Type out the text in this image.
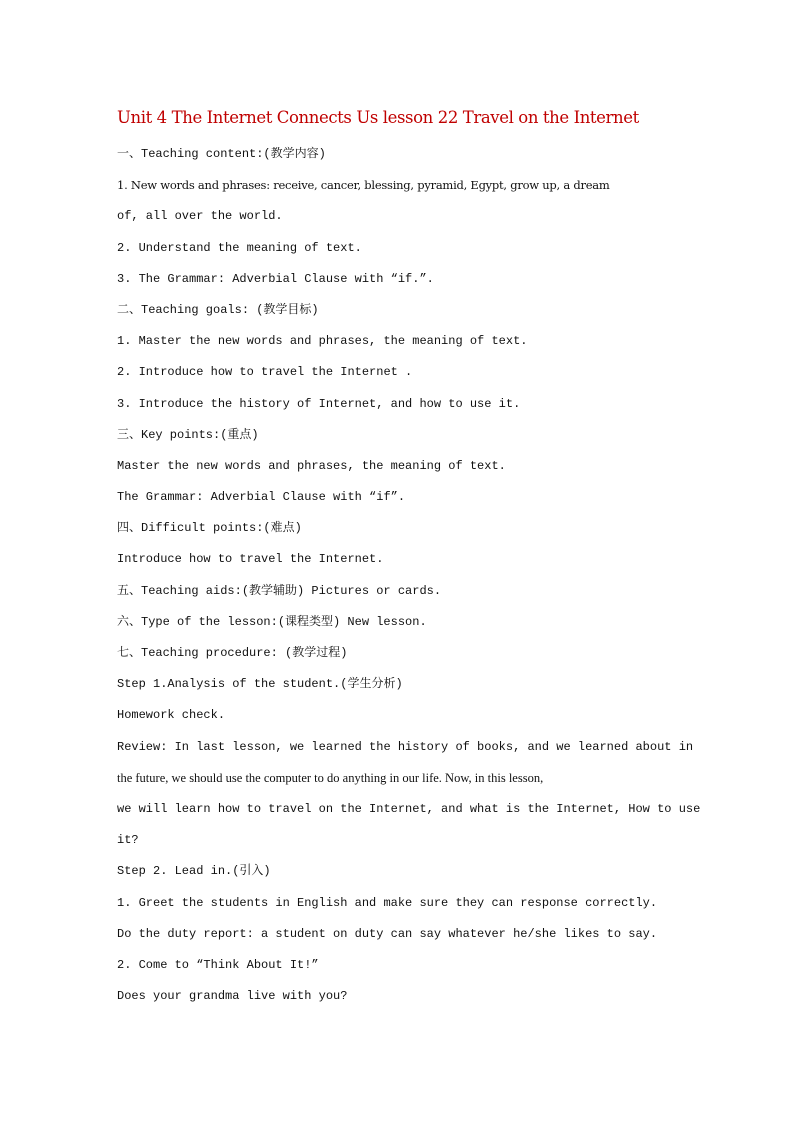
Unit 4 The Internet Connects Us lesson 22 Travel on the Internet
一、Teaching content:(教学内容)
1. New words and phrases: receive, cancer, blessing, pyramid, Egypt, grow up, a dream
of, all over the world.
2. Understand the meaning of text.
3. The Grammar: Adverbial Clause with “if.”.
二、Teaching goals: (教学目标)
1. Master the new words and phrases, the meaning of text.
2. Introduce how to travel the Internet .
3. Introduce the history of Internet, and how to use it.
三、Key points:(重点)
Master the new words and phrases, the meaning of text.
The Grammar: Adverbial Clause with “if”.
四、Difficult points:(难点)
Introduce how to travel the Internet.
五、Teaching aids:(教学辅助) Pictures or cards.
六、Type of the lesson:(课程类型) New lesson.
七、Teaching procedure: (教学过程)
Step 1.Analysis of the student.(学生分析)
Homework check.
Review: In last lesson, we learned the history of books, and we learned about in
the future, we should use the computer to do anything in our life. Now, in this lesson,
we will learn how to travel on the Internet, and what is the Internet, How to use
it?
Step 2. Lead in.(引入)
1. Greet the students in English and make sure they can response correctly.
Do the duty report: a student on duty can say whatever he/she likes to say.
2. Come to “Think About It!”
Does your grandma live with you?
